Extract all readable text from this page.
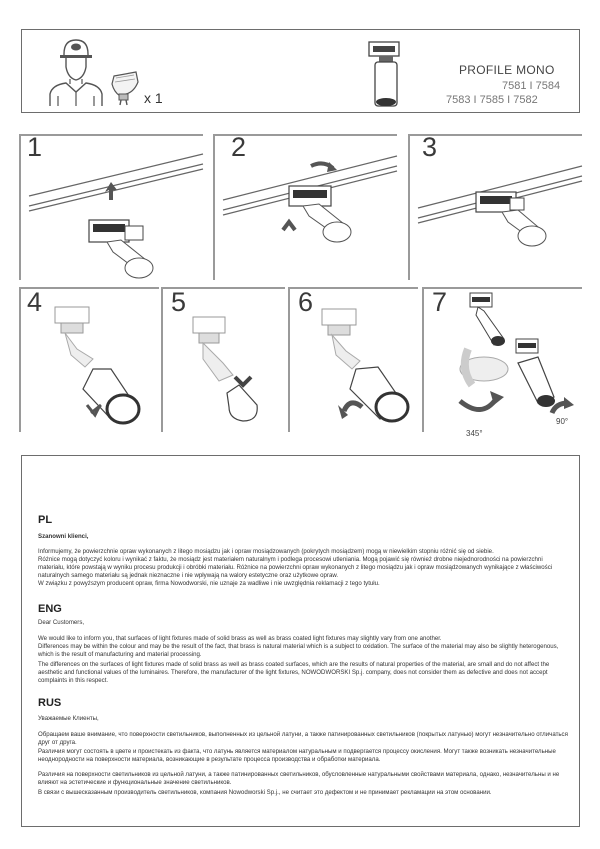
x 1
PROFILE MONO
7581 I 7584
7583 I 7585 I 7582
1	2	3
4	5	6	7
345°
90°
PL
Szanowni klienci,

Informujemy, że powierzchnie opraw wykonanych z litego mosiądzu jak i opraw mosiądzowanych (pokrytych mosiądzem) mogą w niewielkim stopniu różnić się od siebie.

Różnice mogą dotyczyć koloru i wynikać z faktu, że mosiądz jest materiałem naturalnym i podlega procesowi utleniania. Mogą pojawić się również drobne niejednorodności na powierzchni materiału, które powstają w wyniku procesu produkcji i obróbki materiału. Różnice na powierzchni opraw wykonanych z litego mosiądzu jak i opraw mosiądzowanych wynikające z właściwości naturalnych samego materiału są jednak nieznaczne i nie wpływają na walory estetyczne oraz użytkowe opraw.

W związku z powyższym producent opraw, firma Nowodworski, nie uznaje za wadliwe i nie uwzględnia reklamacji z tego tytułu.

ENG
Dear Customers,

We would like to inform you, that surfaces of light fixtures made of solid brass as well as brass coated light fixtures may slightly vary from one another.

Differences may be within the colour and may be the result of the fact, that brass is natural material which is a subject to oxidation. The surface of the material may also be slightly heterogenous, which is the result of manufacturing and material processing.

The differences on the surfaces of light fixtures made of solid brass as well as brass coated surfaces, which are the results of natural properties of the material, are small and do not affect the aesthetic and functional values of the luminaires. Therefore, the manufacturer of the light fixtures, NOWODWORSKI Sp.j. company, does not consider them as defective and does not accept complaints in this respect.

RUS
Уважаемые Клиенты,

Обращаем ваше внимание, что поверхности светильников, выполненных из цельной латуни, а также патинированных светильников (покрытых латунью) могут незначительно отличаться друг от друга.

Различия могут состоять в цвете и проистекать из факта, что латунь является материалом натуральным и подвергается процессу окисления. Могут также возникать незначительные неоднородности на поверхности материала, возникающие в результате процесса производства и обработки материала.

Различия на поверхности светильников из цельной латуни, а также патинированных светильников, обусловленные натуральными свойствами материала, однако, незначительны и не влияют на эстетические и функциональные значение светильников.

В связи с вышесказанным производитель светильников, компания Nowodworski Sp.j., не считает это дефектом и не принимает рекламации на этом основании.
